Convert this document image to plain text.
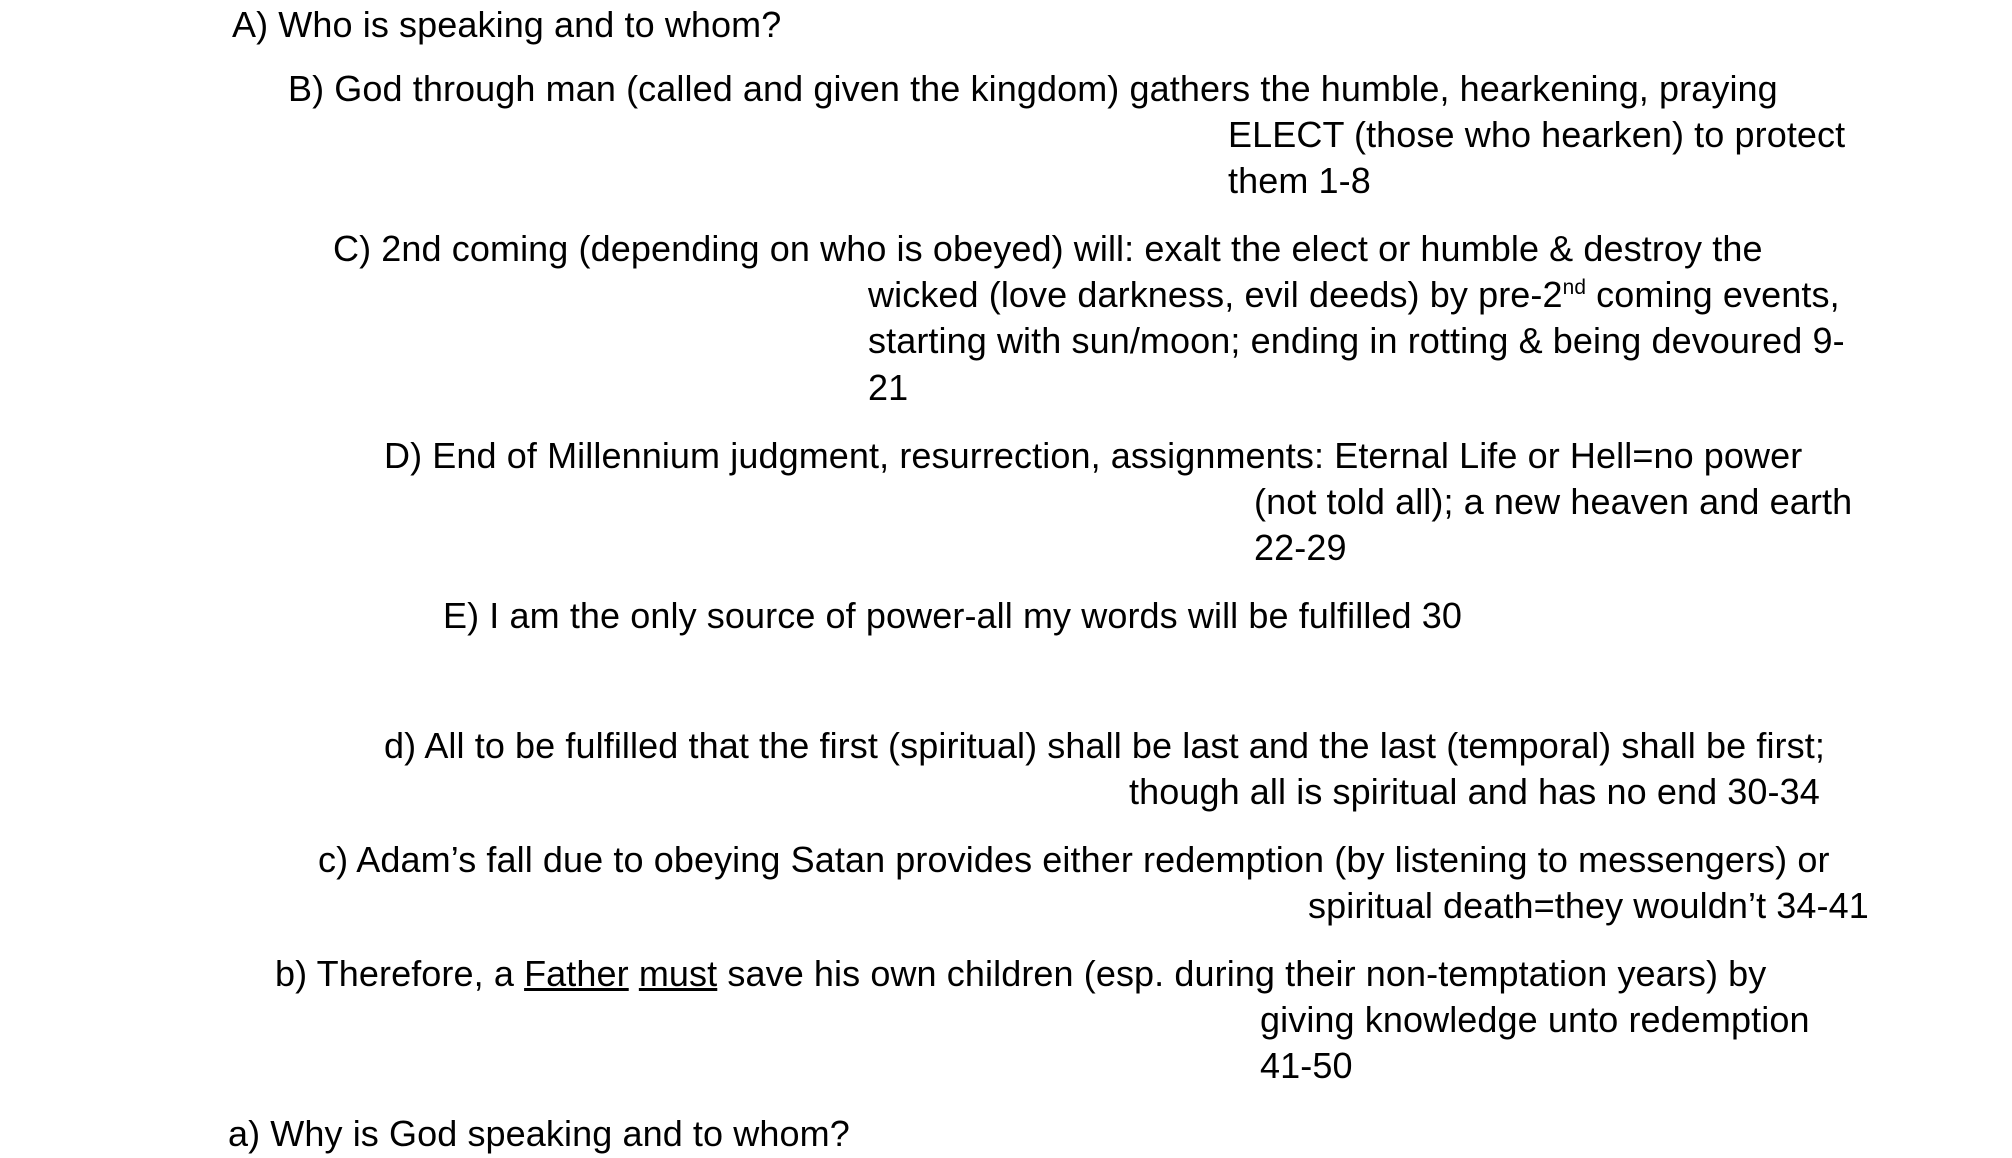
A) Who is speaking and to whom?
B) God through man (called and given the kingdom) gathers the humble, hearkening, praying
ELECT (those who hearken) to protect
them 1-8
C) 2nd coming (depending on who is obeyed) will: exalt the elect or humble & destroy the
wicked (love darkness, evil deeds) by pre-2nd coming events,
starting with sun/moon; ending in rotting & being devoured 9-
21
D) End of Millennium judgment, resurrection, assignments: Eternal Life or Hell=no power
(not told all); a new heaven and earth
22-29
E) I am the only source of power-all my words will be fulfilled 30
d) All to be fulfilled that the first (spiritual) shall be last and the last (temporal) shall be first;
though all is spiritual and has no end 30-34
c) Adam’s fall due to obeying Satan provides either redemption (by listening to messengers) or
spiritual death=they wouldn’t 34-41
b) Therefore, a Father must save his own children (esp. during their non-temptation years) by
giving knowledge unto redemption
41-50
a) Why is God speaking and to whom?
